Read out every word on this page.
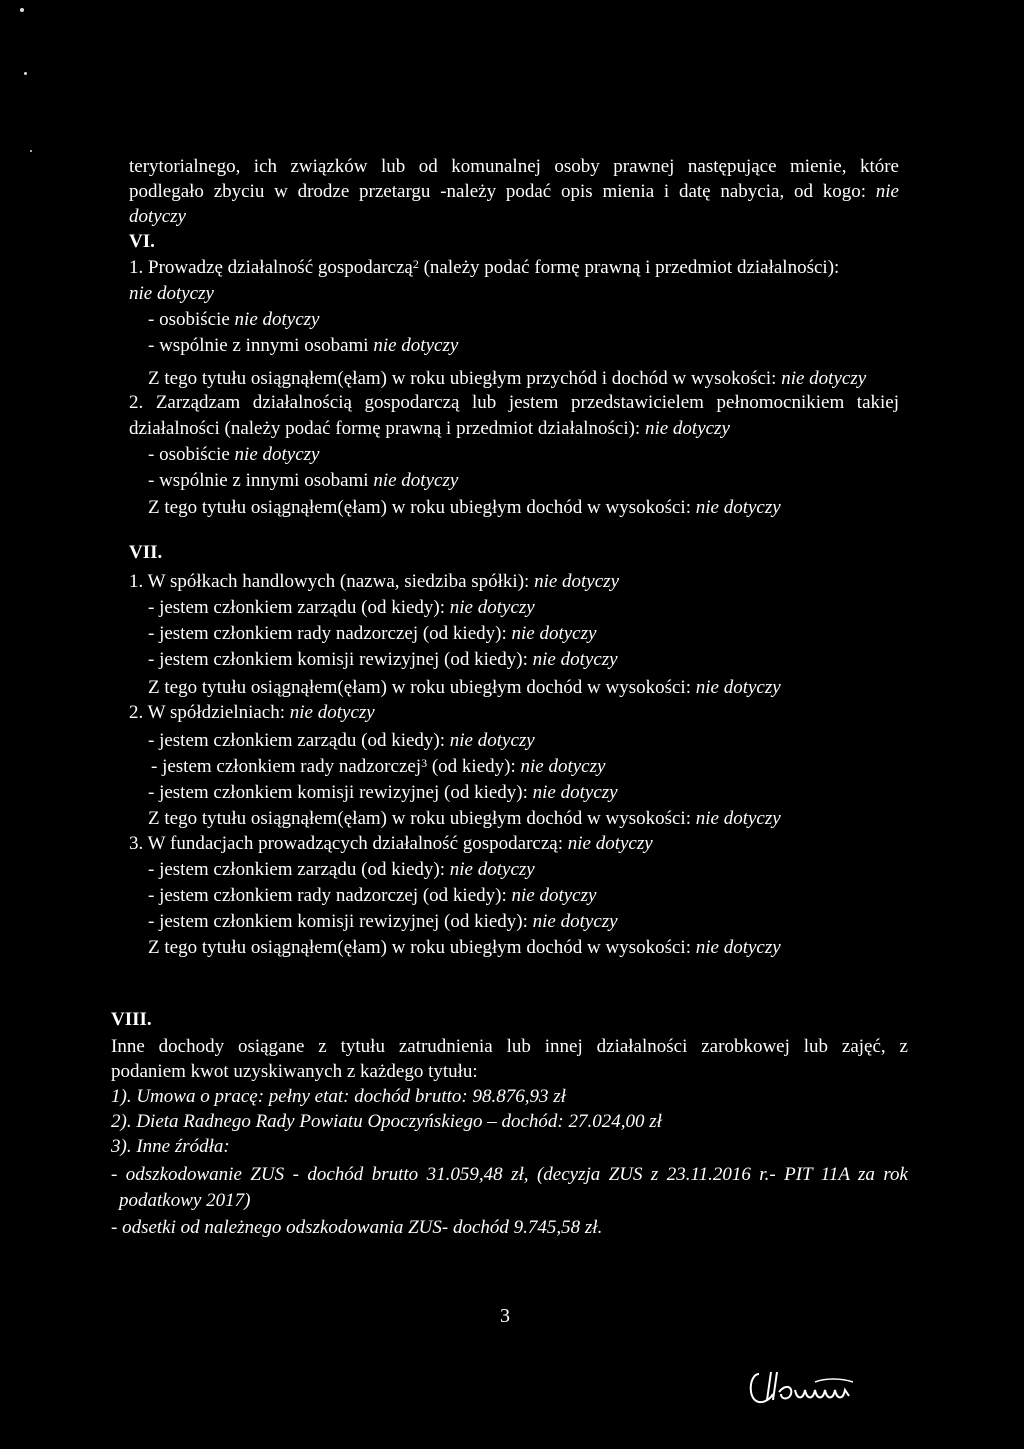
terytorialnego, ich związków lub od komunalnej osoby prawnej następujące mienie, które
podlegało zbyciu w drodze przetargu -należy podać opis mienia i datę nabycia, od kogo: nie
dotyczy
VI.
1. Prowadzę działalność gospodarczą$^2$ (należy podać formę prawną i przedmiot działalności):
nie dotyczy
- osobiście nie dotyczy
- wspólnie z innymi osobami nie dotyczy
Z tego tytułu osiągnąłem(ęłam) w roku ubiegłym przychód i dochód w wysokości: nie dotyczy
2. Zarządzam działalnością gospodarczą lub jestem przedstawicielem pełnomocnikiem takiej
działalności (należy podać formę prawną i przedmiot działalności): nie dotyczy
- osobiście nie dotyczy
- wspólnie z innymi osobami nie dotyczy
Z tego tytułu osiągnąłem(ęłam) w roku ubiegłym dochód w wysokości: nie dotyczy
VII.
1. W spółkach handlowych (nazwa, siedziba spółki): nie dotyczy
- jestem członkiem zarządu (od kiedy): nie dotyczy
- jestem członkiem rady nadzorczej (od kiedy): nie dotyczy
- jestem członkiem komisji rewizyjnej (od kiedy): nie dotyczy
Z tego tytułu osiągnąłem(ęłam) w roku ubiegłym dochód w wysokości: nie dotyczy
2. W spółdzielniach: nie dotyczy
- jestem członkiem zarządu (od kiedy): nie dotyczy
- jestem członkiem rady nadzorczej$^3$ (od kiedy): nie dotyczy
- jestem członkiem komisji rewizyjnej (od kiedy): nie dotyczy
Z tego tytułu osiągnąłem(ęłam) w roku ubiegłym dochód w wysokości: nie dotyczy
3. W fundacjach prowadzących działalność gospodarczą: nie dotyczy
- jestem członkiem zarządu (od kiedy): nie dotyczy
- jestem członkiem rady nadzorczej (od kiedy): nie dotyczy
- jestem członkiem komisji rewizyjnej (od kiedy): nie dotyczy
Z tego tytułu osiągnąłem(ęłam) w roku ubiegłym dochód w wysokości: nie dotyczy
VIII.
Inne dochody osiągane z tytułu zatrudnienia lub innej działalności zarobkowej lub zajęć, z
podaniem kwot uzyskiwanych z każdego tytułu:
1). Umowa o pracę: pełny etat: dochód brutto: 98.876,93 zł
2). Dieta Radnego Rady Powiatu Opoczyńskiego – dochód: 27.024,00 zł
3). Inne źródła:
- odszkodowanie ZUS - dochód brutto 31.059,48 zł, (decyzja ZUS z 23.11.2016 r.- PIT 11A za rok
podatkowy 2017)
- odsetki od należnego odszkodowania ZUS- dochód 9.745,58 zł.
3
